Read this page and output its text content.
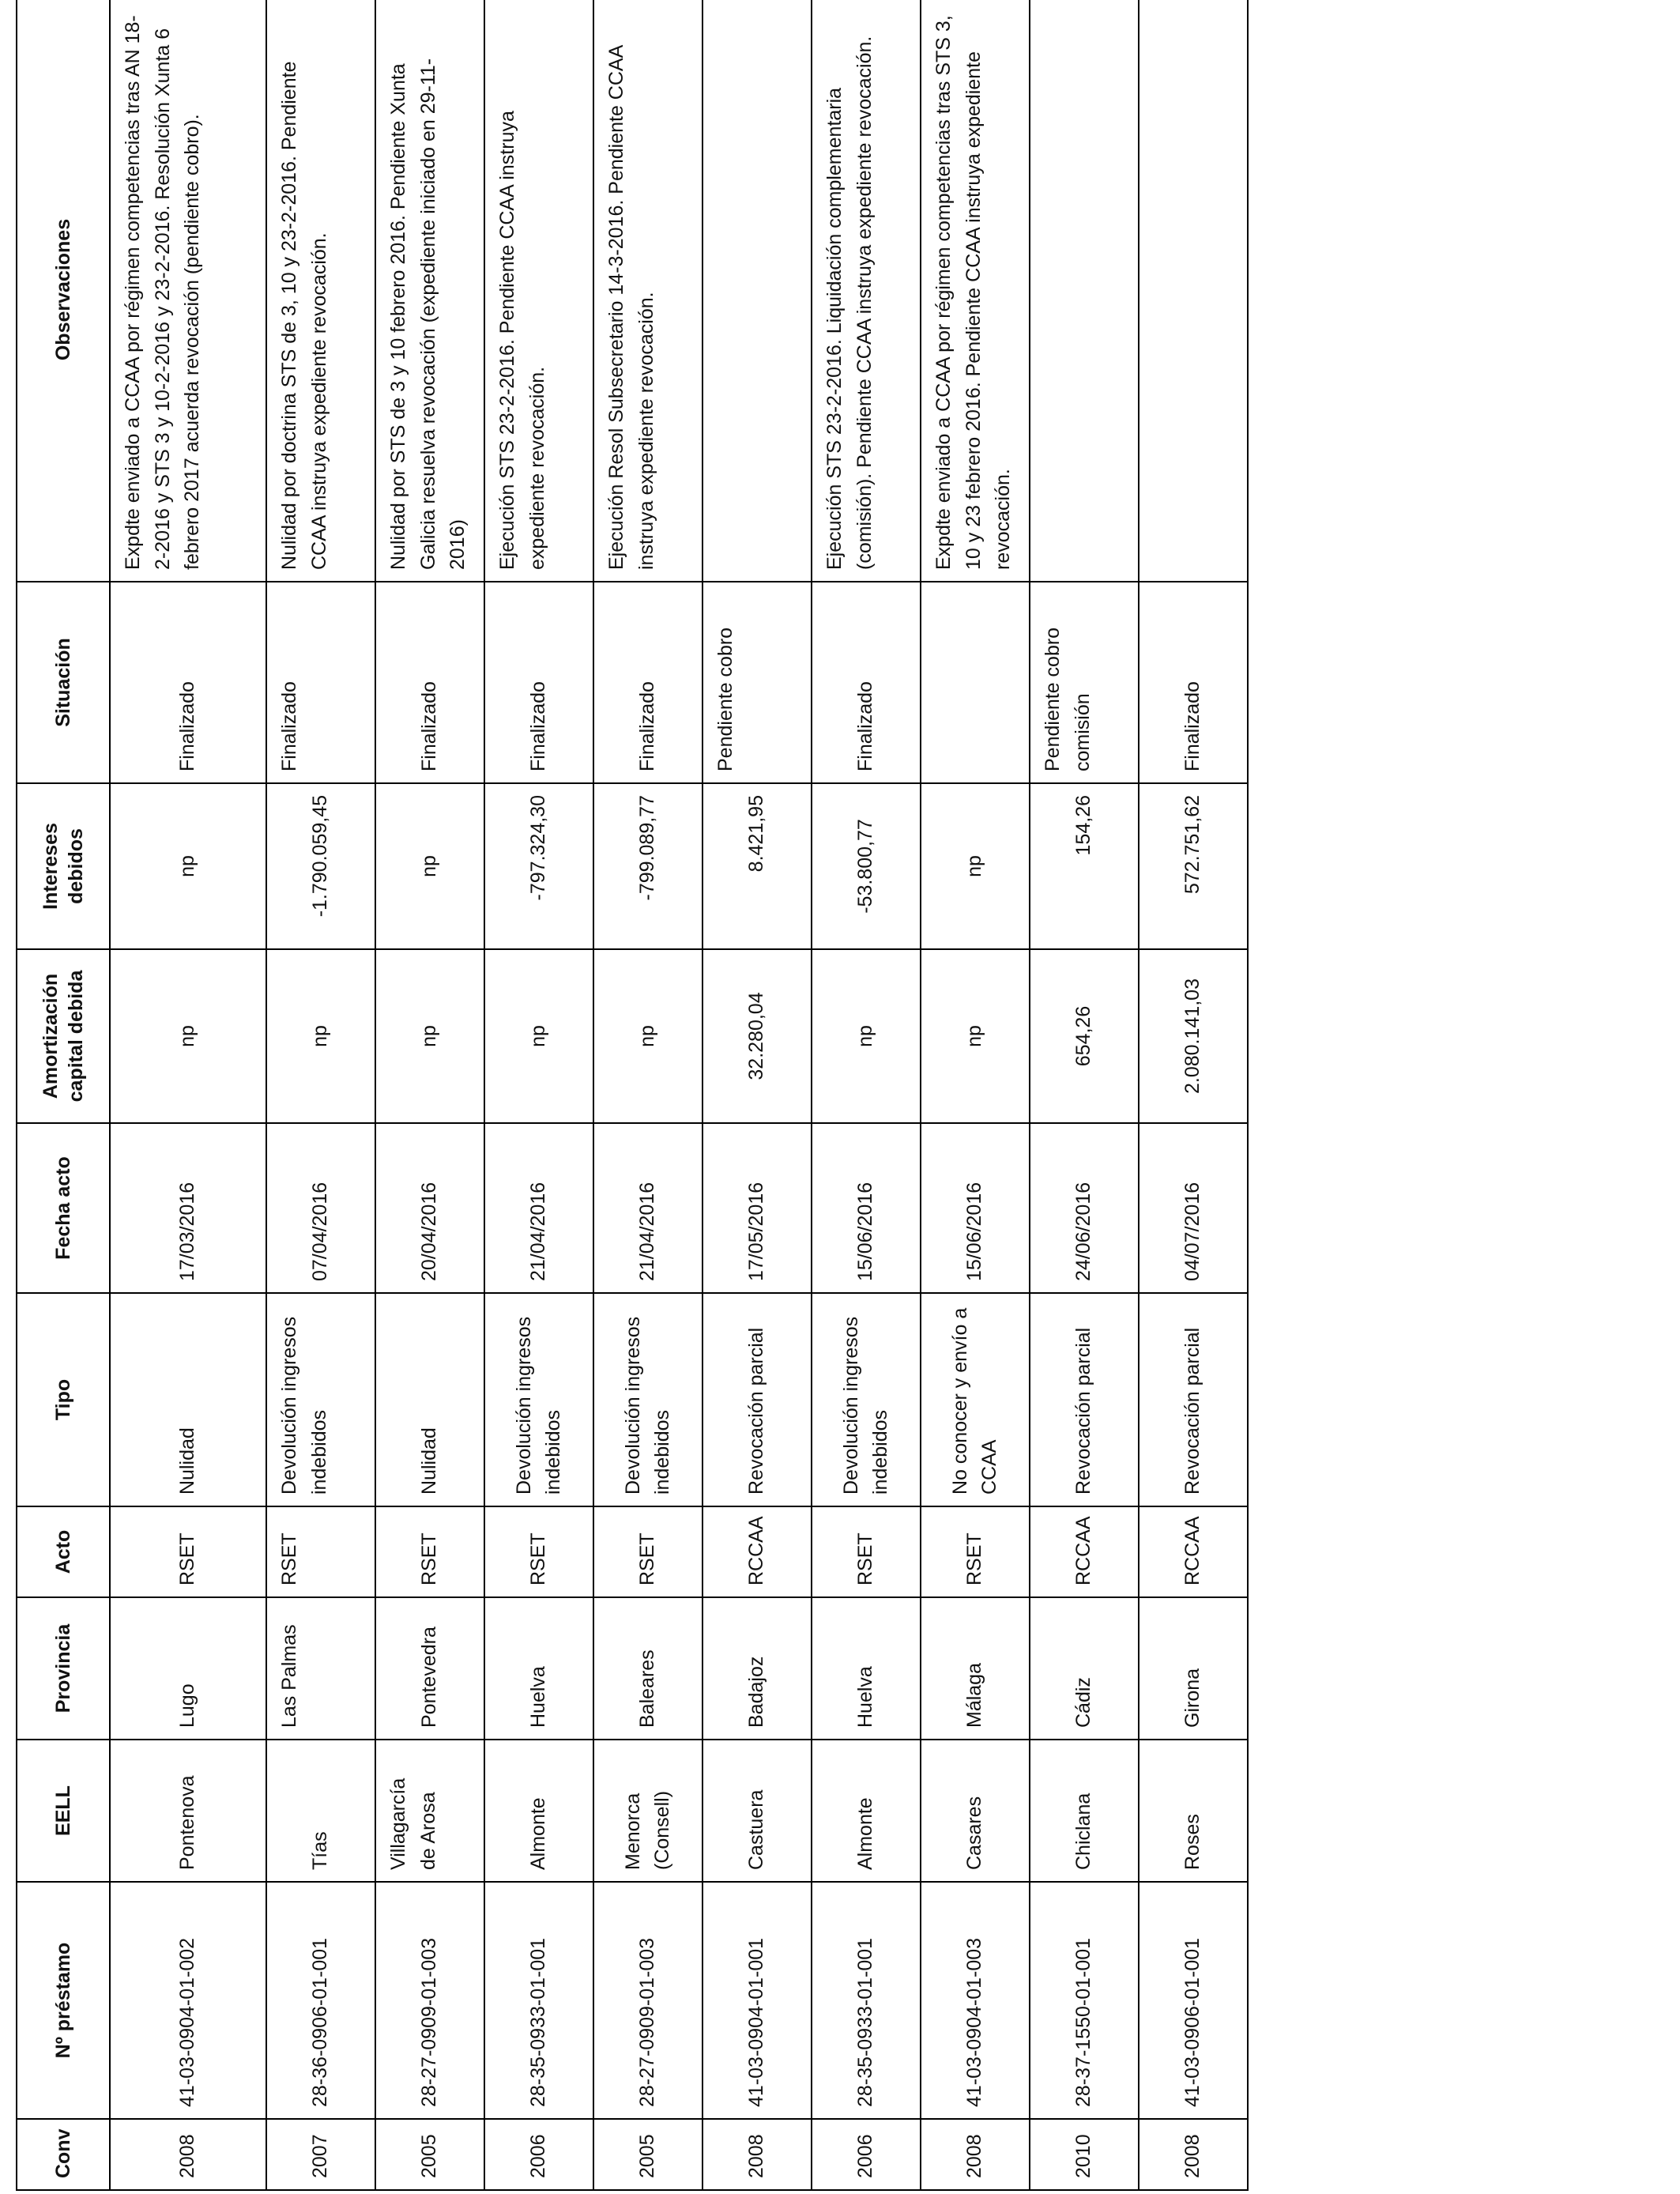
Conv	Nº préstamo	EELL	Provincia	Acto	Tipo	Fecha acto	Amortización capital debida	Intereses debidos	Situación	Observaciones
2008	41-03-0904-01-002	Pontenova	Lugo	RSET	Nulidad	17/03/2016	np	np	Finalizado	Expdte enviado a CCAA por régimen competencias tras AN 18-2-2016 y STS 3 y 10-2-2016 y 23-2-2016. Resolución Xunta 6 febrero 2017 acuerda revocación (pendiente cobro).
2007	28-36-0906-01-001	Tías	Las Palmas	RSET	Devolución ingresos indebidos	07/04/2016	np	-1.790.059,45	Finalizado	Nulidad por doctrina STS de 3, 10 y 23-2-2016. Pendiente CCAA instruya expediente revocación.
2005	28-27-0909-01-003	Villagarcía de Arosa	Pontevedra	RSET	Nulidad	20/04/2016	np	np	Finalizado	Nulidad por STS de 3 y 10 febrero 2016. Pendiente Xunta Galicia resuelva revocación (expediente iniciado en 29-11-2016)
2006	28-35-0933-01-001	Almonte	Huelva	RSET	Devolución ingresos indebidos	21/04/2016	np	-797.324,30	Finalizado	Ejecución STS 23-2-2016. Pendiente CCAA instruya expediente revocación.
2005	28-27-0909-01-003	Menorca (Consell)	Baleares	RSET	Devolución ingresos indebidos	21/04/2016	np	-799.089,77	Finalizado	Ejecución Resol Subsecretario 14-3-2016. Pendiente CCAA instruya expediente revocación.
2008	41-03-0904-01-001	Castuera	Badajoz	RCCAA	Revocación parcial	17/05/2016	32.280,04	8.421,95	Pendiente cobro	
2006	28-35-0933-01-001	Almonte	Huelva	RSET	Devolución ingresos indebidos	15/06/2016	np	-53.800,77	Finalizado	Ejecución STS 23-2-2016. Liquidación complementaria (comisión). Pendiente CCAA instruya expediente revocación.
2008	41-03-0904-01-003	Casares	Málaga	RSET	No conocer y envío a CCAA	15/06/2016	np	np		Expdte enviado a CCAA por régimen competencias tras STS 3, 10 y 23 febrero 2016. Pendiente CCAA instruya expediente revocación.
2010	28-37-1550-01-001	Chiclana	Cádiz	RCCAA	Revocación parcial	24/06/2016	654,26	154,26	Pendiente cobro comisión	
2008	41-03-0906-01-001	Roses	Girona	RCCAA	Revocación parcial	04/07/2016	2.080.141,03	572.751,62	Finalizado	
